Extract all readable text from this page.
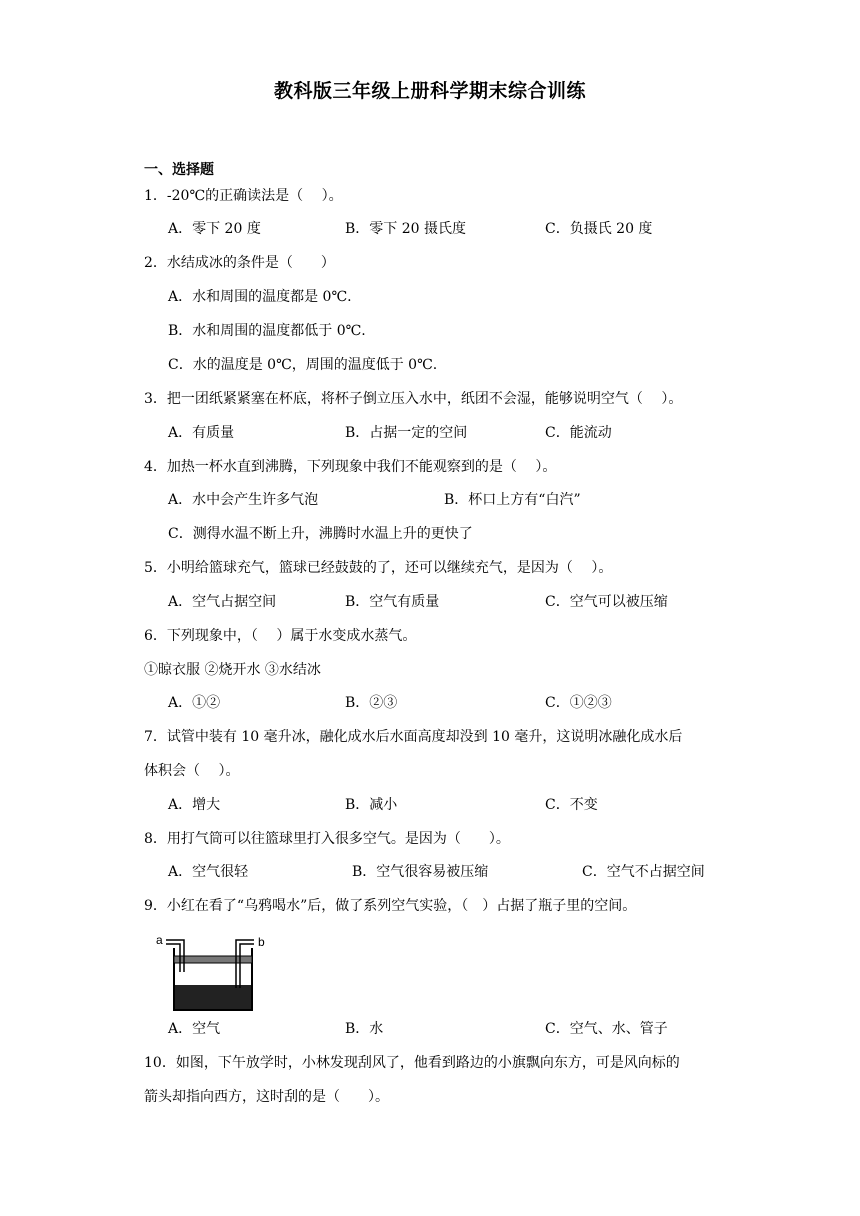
教科版三年级上册科学期末综合训练
一、选择题
1．-20℃的正确读法是（　 ）。
A．零下 20 度	B．零下 20 摄氏度	C．负摄氏 20 度
2．水结成冰的条件是（　　）
A．水和周围的温度都是 0℃.
B．水和周围的温度都低于 0℃.
C．水的温度是 0℃，周围的温度低于 0℃.
3．把一团纸紧紧塞在杯底，将杯子倒立压入水中，纸团不会湿，能够说明空气（　 ）。
A．有质量	B．占据一定的空间	C．能流动
4．加热一杯水直到沸腾，下列现象中我们不能观察到的是（　 ）。
A．水中会产生许多气泡	B．杯口上方有“白汽”
C．测得水温不断上升，沸腾时水温上升的更快了
5．小明给篮球充气，篮球已经鼓鼓的了，还可以继续充气，是因为（　 ）。
A．空气占据空间	B．空气有质量	C．空气可以被压缩
6．下列现象中，（　 ）属于水变成水蒸气。
①晾衣服 ②烧开水 ③水结冰
A．①②	B．②③	C．①②③
7．试管中装有 10 毫升冰，融化成水后水面高度却没到 10 毫升，这说明冰融化成水后
体积会（　 ）。
A．增大	B．减小	C．不变
8．用打气筒可以往篮球里打入很多空气。是因为（　　）。
A．空气很轻	B．空气很容易被压缩	C．空气不占据空间
9．小红在看了“乌鸦喝水”后，做了系列空气实验，（　）占据了瓶子里的空间。
a	b
A．空气	B．水	C．空气、水、管子
10．如图，下午放学时，小林发现刮风了，他看到路边的小旗飘向东方，可是风向标的
箭头却指向西方，这时刮的是（　　）。
